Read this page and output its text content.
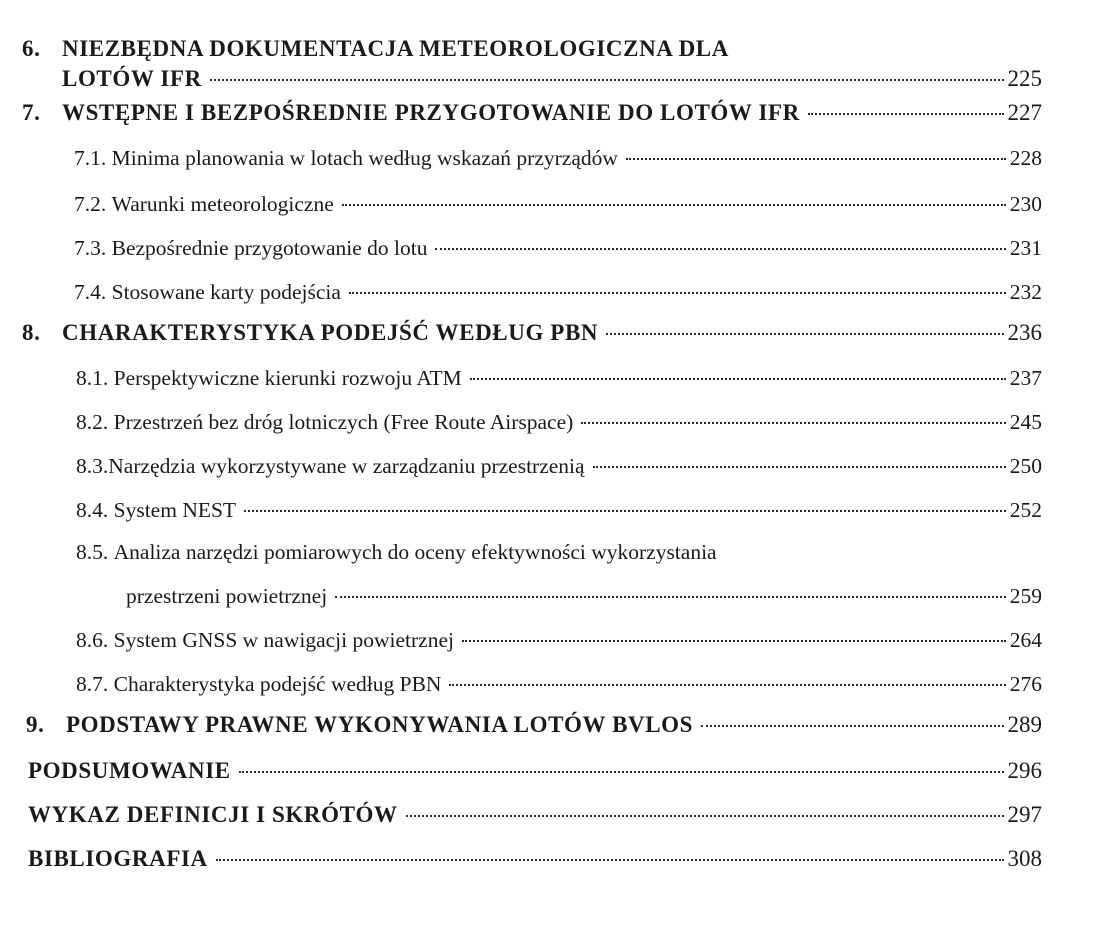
6. NIEZBĘDNA DOKUMENTACJA METEOROLOGICZNA DLA
LOTÓW IFR	225
7. WSTĘPNE I BEZPOŚREDNIE PRZYGOTOWANIE DO LOTÓW IFR	227
7.1.
Minima planowania w lotach według wskazań przyrządów	228
7.2.
Warunki meteorologiczne	230
7.3.
Bezpośrednie przygotowanie do lotu	231
7.4.
Stosowane karty podejścia	232
8. CHARAKTERYSTYKA PODEJŚĆ WEDŁUG PBN	236
8.1.
Perspektywiczne kierunki rozwoju ATM	237
8.2.
Przestrzeń bez dróg lotniczych (Free Route Airspace)	245
8.3. Narzędzia wykorzystywane w zarządzaniu przestrzenią	250
8.4.
System NEST	252
8.5. Analiza narzędzi pomiarowych do oceny efektywności wykorzystania
przestrzeni powietrznej	259
8.6.
System GNSS w nawigacji powietrznej	264
8.7.
Charakterystyka podejść według PBN	276
9. PODSTAWY PRAWNE WYKONYWANIA LOTÓW BVLOS	289
PODSUMOWANIE	296
WYKAZ DEFINICJI I SKRÓTÓW	297
BIBLIOGRAFIA	308
